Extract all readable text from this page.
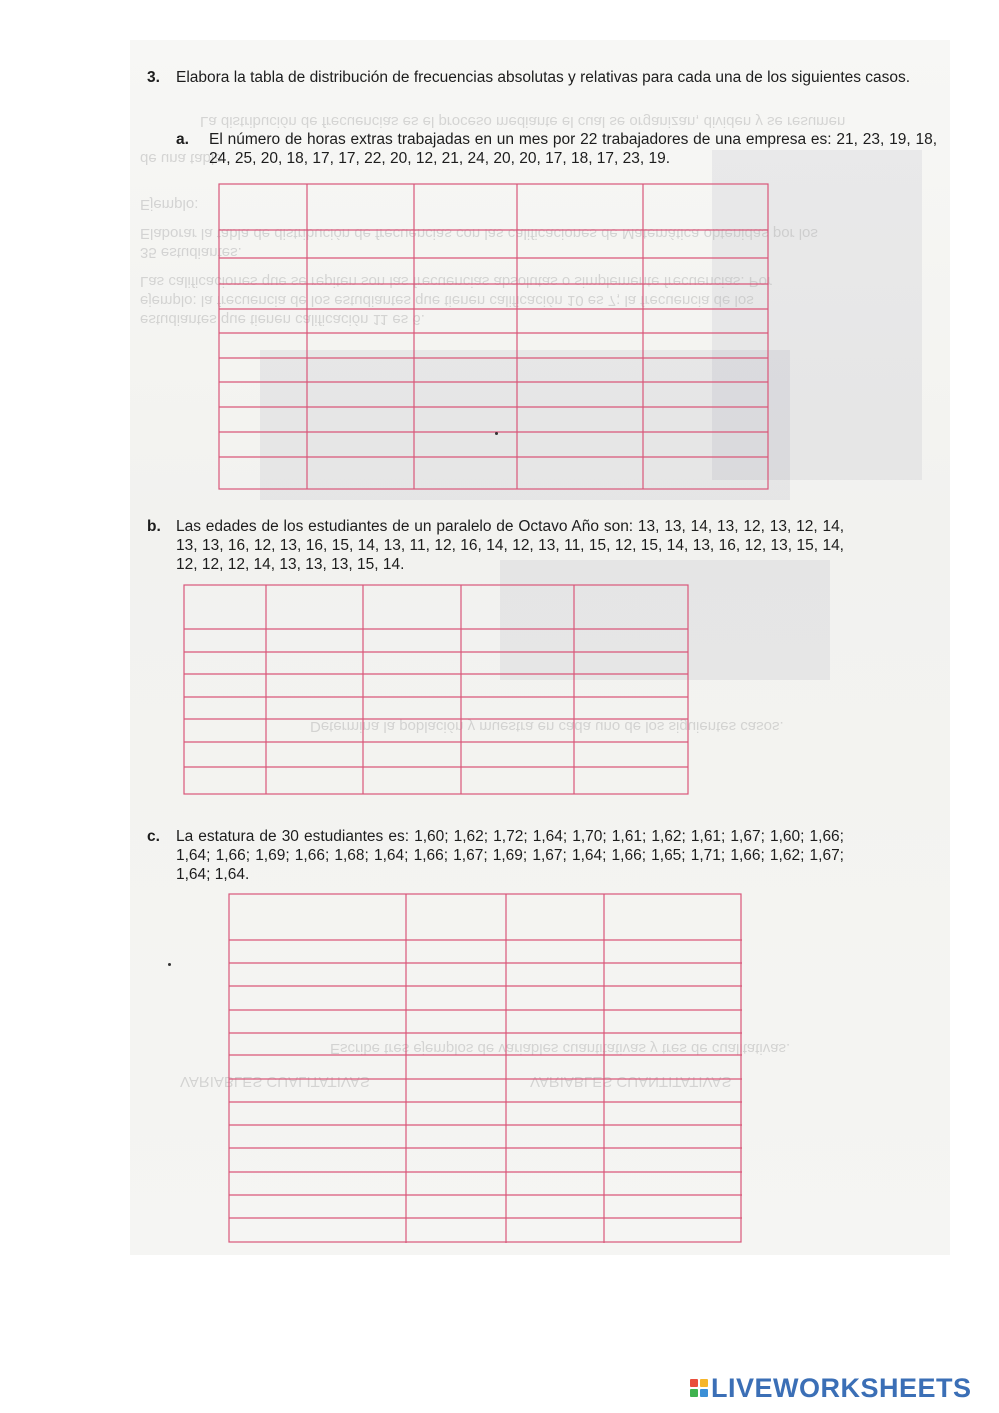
La distribución de frecuencias es el proceso mediante el cual se organizan, dividen y se resumen
de una tabla
Ejemplo:
Elaborar la tabla de distribución de frecuencias con las calificaciones de Matemática obtenidas por los
35 estudiantes.
Las calificaciones que se repiten son las frecuencias absolutas o simplemente frecuencias. Por
ejemplo: la frecuencia de los estudiantes que tienen calificación 10 es 7; la frecuencia de los
estudiantes que tienen calificación 11 es 6.
Determina la población y muestra en cada uno de los siguientes casos.
Escribe tres ejemplos de variables cuantitativas y tres de cualitativas.
VARIABLES CUANTITATIVAS
VARIABLES CUALITATIVAS
3. Elabora la tabla de distribución de frecuencias absolutas y relativas para cada una de los siguientes casos.
a. El número de horas extras trabajadas en un mes por 22 trabajadores de una empresa es: 21, 23, 19, 18, 24, 25, 20, 18, 17, 17, 22, 20, 12, 21, 24, 20, 20, 17, 18, 17, 23, 19.
b. Las edades de los estudiantes de un paralelo de Octavo Año son: 13, 13, 14, 13, 12, 13, 12, 14, 13, 13, 16, 12, 13, 16, 15, 14, 13, 11, 12, 16, 14, 12, 13, 11, 15, 12, 15, 14, 13, 16, 12, 13, 15, 14, 12, 12, 12, 14, 13, 13, 13, 15, 14.
c. La estatura de 30 estudiantes es: 1,60; 1,62; 1,72; 1,64; 1,70; 1,61; 1,62; 1,61; 1,67; 1,60; 1,66; 1,64; 1,66; 1,69; 1,66; 1,68; 1,64; 1,66; 1,67; 1,69; 1,67; 1,64; 1,66; 1,65; 1,71; 1,66; 1,62; 1,67; 1,64; 1,64.
LIVEWORKSHEETS
